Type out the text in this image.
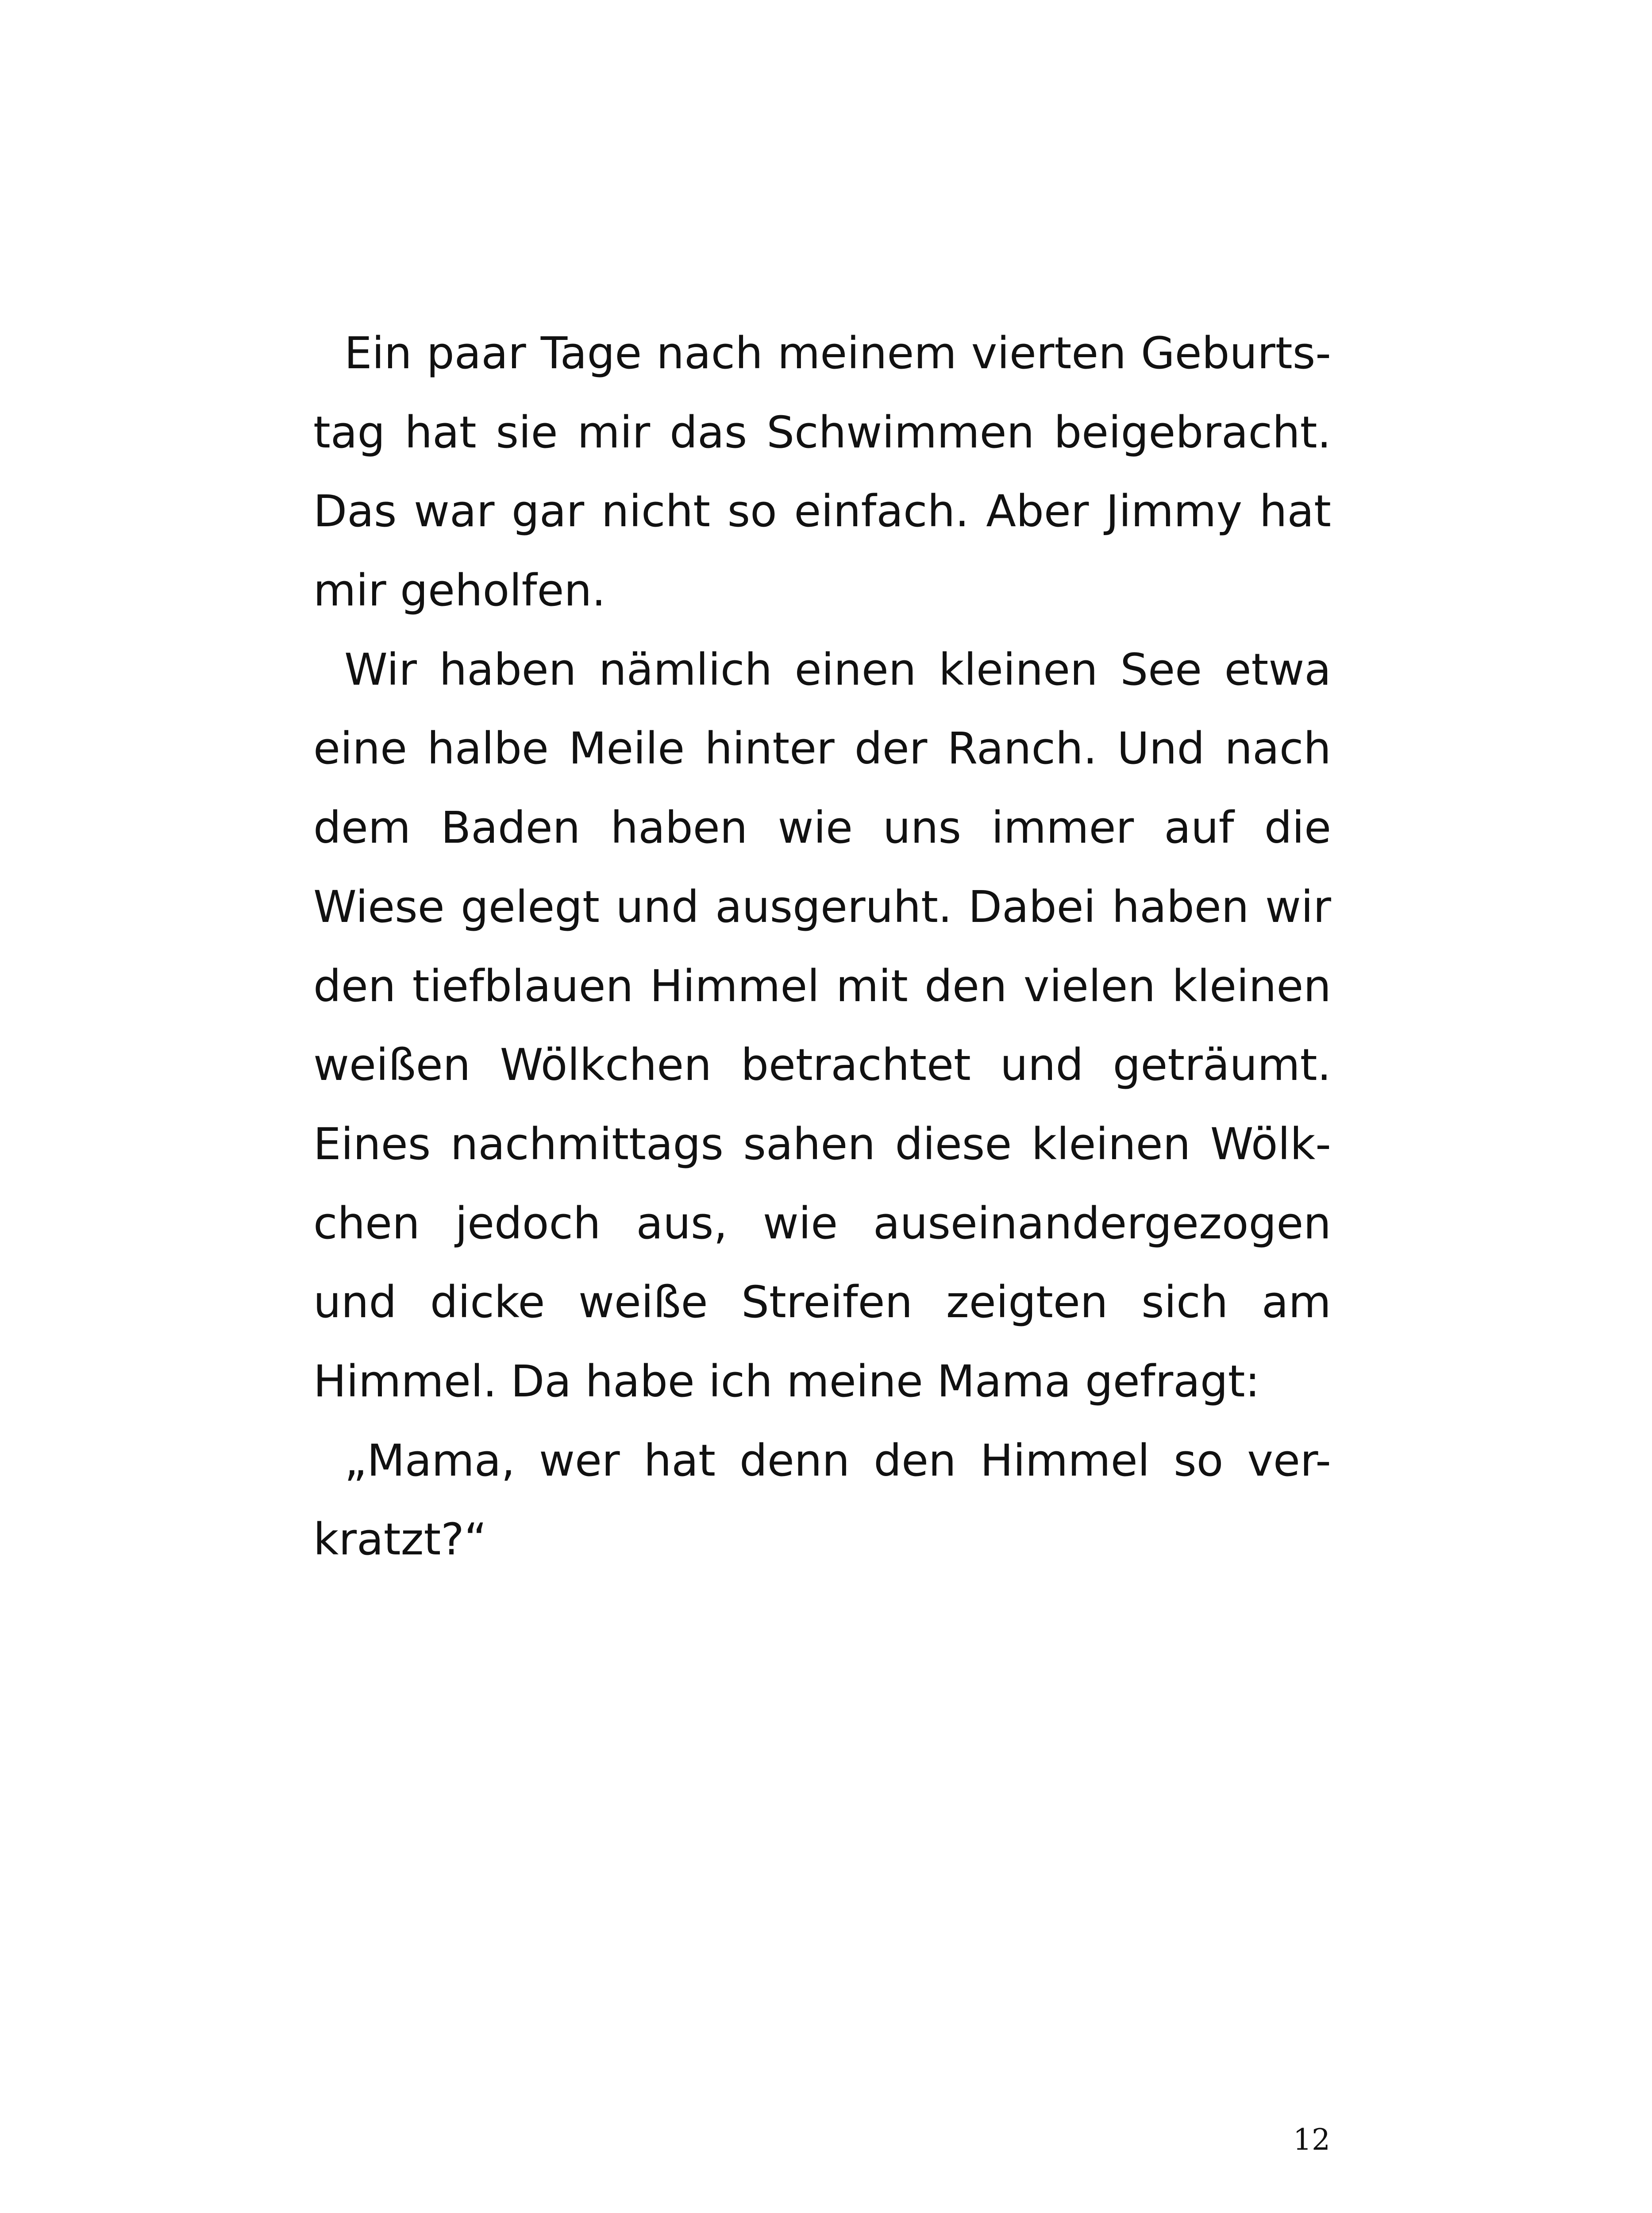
Ein paar Tage nach meinem vierten Geburts-
tag hat sie mir das Schwimmen beigebracht.
Das war gar nicht so einfach. Aber Jimmy hat
mir geholfen.
Wir haben nämlich einen kleinen See etwa
eine halbe Meile hinter der Ranch. Und nach
dem Baden haben wie uns immer auf die
Wiese gelegt und ausgeruht. Dabei haben wir
den tiefblauen Himmel mit den vielen kleinen
weißen Wölkchen betrachtet und geträumt.
Eines nachmittags sahen diese kleinen Wölk-
chen jedoch aus, wie auseinandergezogen
und dicke weiße Streifen zeigten sich am
Himmel. Da habe ich meine Mama gefragt:
„Mama, wer hat denn den Himmel so ver-
kratzt?“
12
